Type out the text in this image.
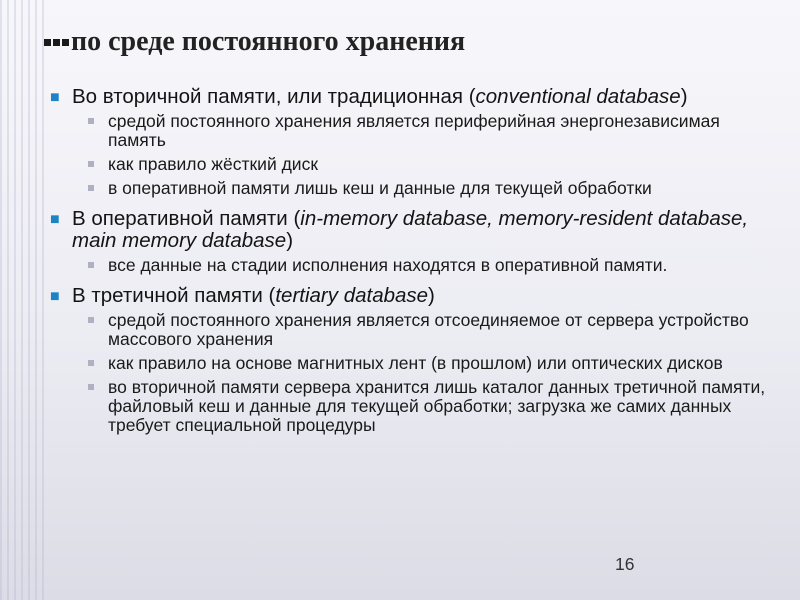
по среде постоянного хранения
■ Во вторичной памяти, или традиционная (conventional database)
средой постоянного хранения является периферийная энергонезависимая память
как правило жёсткий диск
в оперативной памяти лишь кеш и данные для текущей обработки
■ В оперативной памяти (in-memory database, memory-resident database, main memory database)
все данные на стадии исполнения находятся в оперативной памяти.
■ В третичной памяти (tertiary database)
средой постоянного хранения является отсоединяемое от сервера устройство массового хранения
как правило на основе магнитных лент (в прошлом) или оптических дисков
во вторичной памяти сервера хранится лишь каталог данных третичной памяти, файловый кеш и данные для текущей обработки; загрузка же самих данных требует специальной процедуры
16
